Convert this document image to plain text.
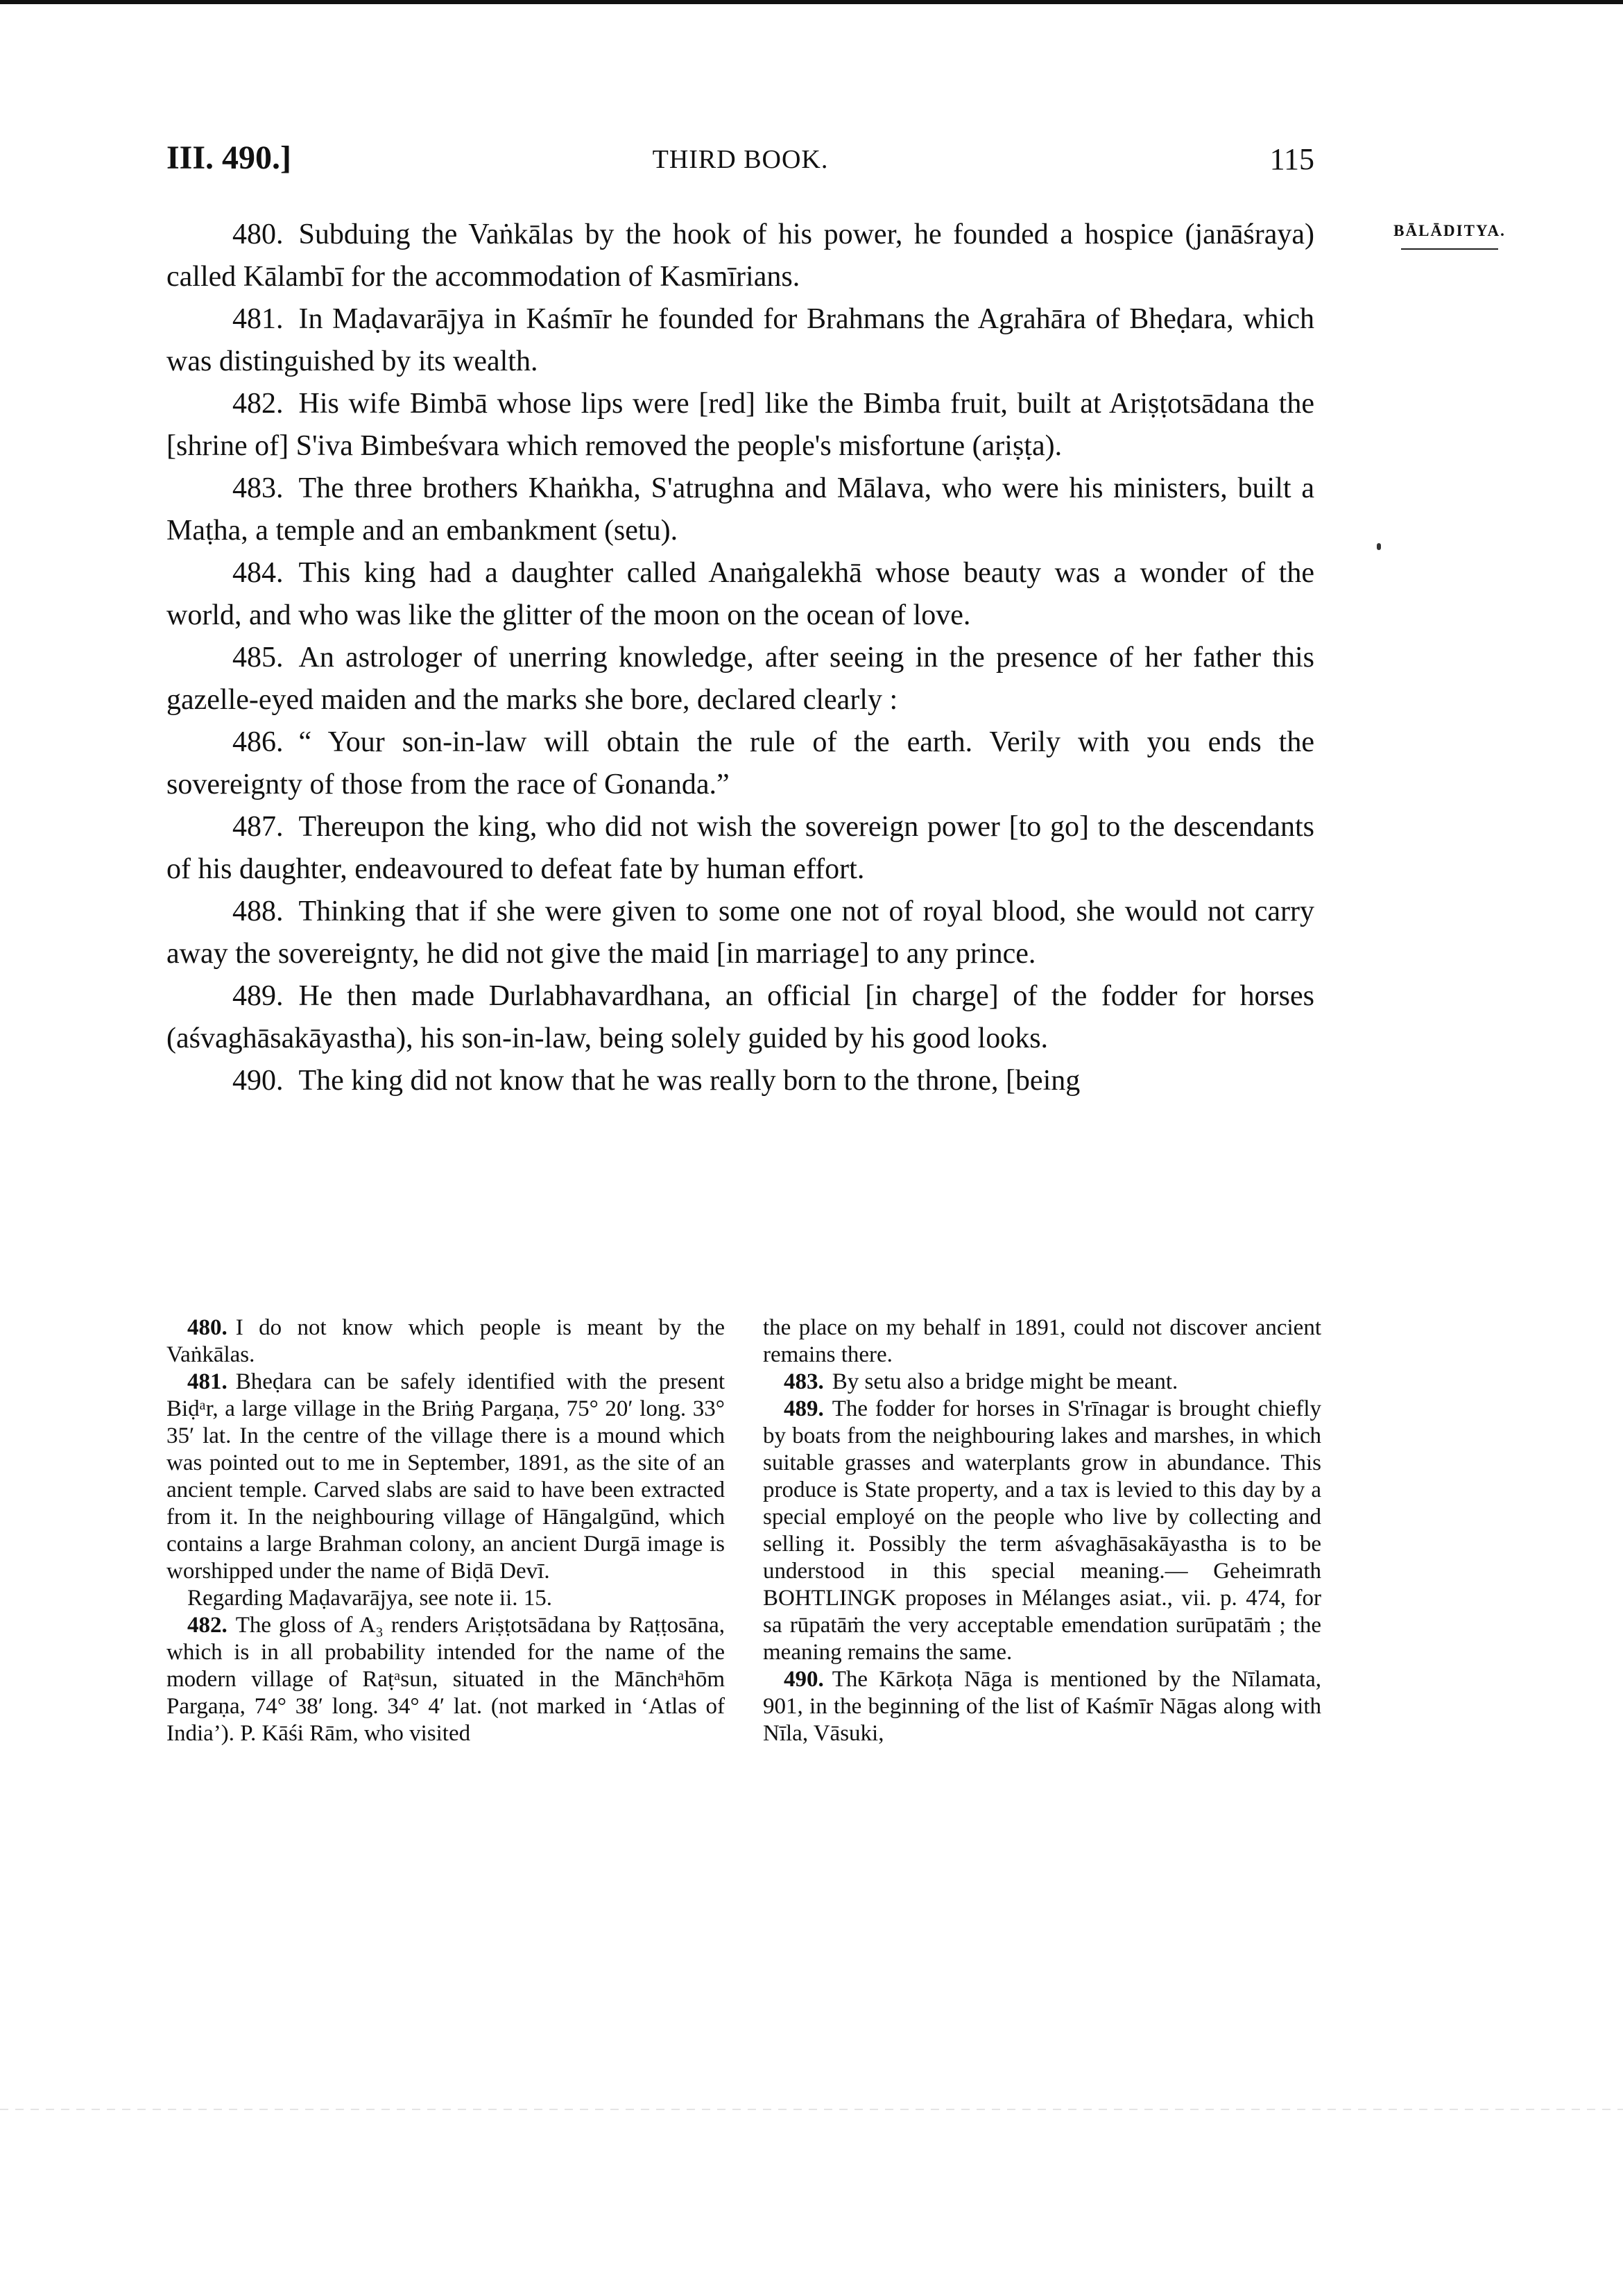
III. 490.]	THIRD BOOK.	115
BĀLĀDITYA.

480. Subduing the Vaṅkālas by the hook of his power, he founded a hospice (janāśraya) called Kālambī for the accommodation of Kasmīrians.

481. In Maḍavarājya in Kaśmīr he founded for Brahmans the Agrahāra of Bheḍara, which was distinguished by its wealth.

482. His wife Bimbā whose lips were [red] like the Bimba fruit, built at Ariṣṭotsādana the [shrine of] S'iva Bimbeśvara which removed the people's misfortune (ariṣṭa).

483. The three brothers Khaṅkha, S'atrughna and Mālava, who were his ministers, built a Maṭha, a temple and an embankment (setu).

484. This king had a daughter called Anaṅgalekhā whose beauty was a wonder of the world, and who was like the glitter of the moon on the ocean of love.

485. An astrologer of unerring knowledge, after seeing in the presence of her father this gazelle-eyed maiden and the marks she bore, declared clearly :

486. “ Your son-in-law will obtain the rule of the earth. Verily with you ends the sovereignty of those from the race of Gonanda.”

487. Thereupon the king, who did not wish the sovereign power [to go] to the descendants of his daughter, endeavoured to defeat fate by human effort.

488. Thinking that if she were given to some one not of royal blood, she would not carry away the sovereignty, he did not give the maid [in marriage] to any prince.

489. He then made Durlabhavardhana, an official [in charge] of the fodder for horses (aśvaghāsakāyastha), his son-in-law, being solely guided by his good looks.

490. The king did not know that he was really born to the throne, [being

480. I do not know which people is meant by the Vaṅkālas.

481. Bheḍara can be safely identified with the present Biḍᵃr, a large village in the Briṅg Pargaṇa, 75° 20′ long. 33° 35′ lat. In the centre of the village there is a mound which was pointed out to me in September, 1891, as the site of an ancient temple. Carved slabs are said to have been extracted from it. In the neighbouring village of Hāngalgūnd, which contains a large Brahman colony, an ancient Durgā image is worshipped under the name of Biḍā Devī.

Regarding Maḍavarājya, see note ii. 15.

482. The gloss of A₃ renders Ariṣṭotsādana by Raṭṭosāna, which is in all probability intended for the name of the modern village of Raṭᵃsun, situated in the Mānchᵃhōm Pargaṇa, 74° 38′ long. 34° 4′ lat. (not marked in ‘Atlas of India’). P. Kāśi Rām, who visited

the place on my behalf in 1891, could not discover ancient remains there.

483. By setu also a bridge might be meant.

489. The fodder for horses in S'rīnagar is brought chiefly by boats from the neighbouring lakes and marshes, in which suitable grasses and waterplants grow in abundance. This produce is State property, and a tax is levied to this day by a special employé on the people who live by collecting and selling it. Possibly the term aśvaghāsakāyastha is to be understood in this special meaning.— Geheimrath BOHTLINGK proposes in Mélanges asiat., vii. p. 474, for sa rūpatāṁ the very acceptable emendation surūpatāṁ ; the meaning remains the same.

490. The Kārkoṭa Nāga is mentioned by the Nīlamata, 901, in the beginning of the list of Kaśmīr Nāgas along with Nīla, Vāsuki,
